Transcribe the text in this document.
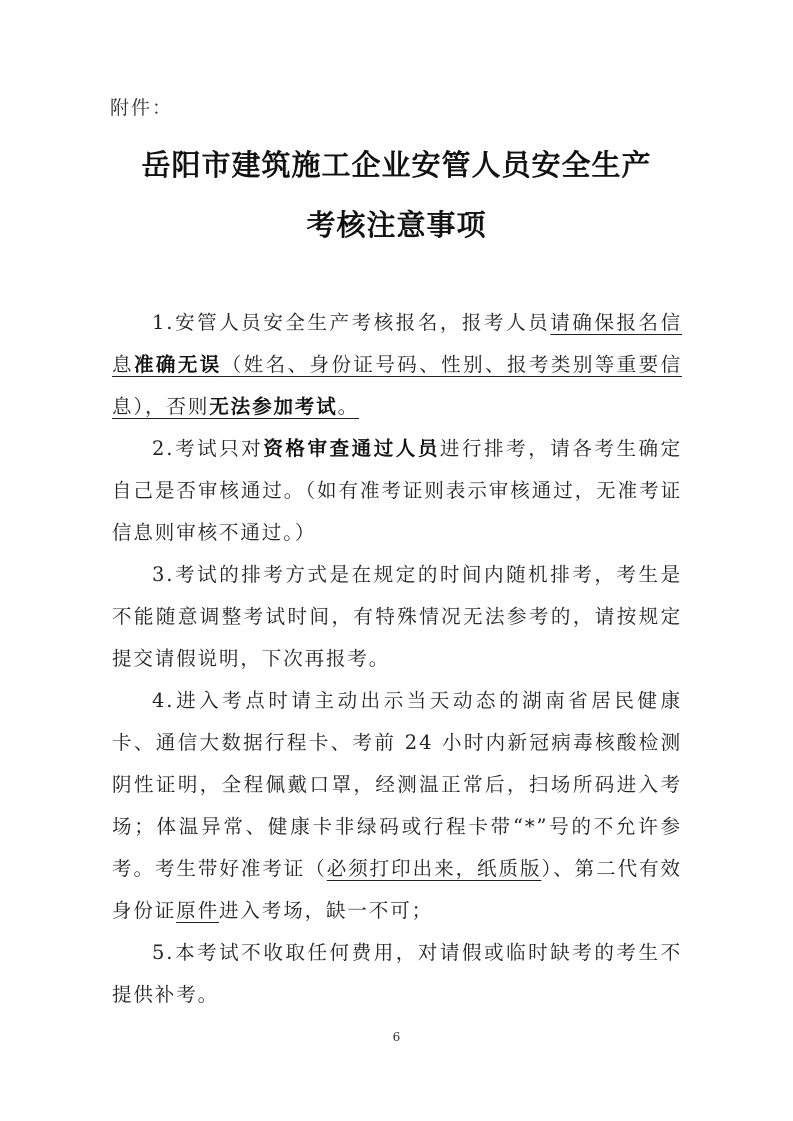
附件：
岳阳市建筑施工企业安管人员安全生产
考核注意事项

1.安管人员安全生产考核报名，报考人员请确保报名信息准确无误（姓名、身份证号码、性别、报考类别等重要信息），否则无法参加考试。

2.考试只对资格审查通过人员进行排考，请各考生确定自己是否审核通过。（如有准考证则表示审核通过，无准考证信息则审核不通过。）

3.考试的排考方式是在规定的时间内随机排考，考生是不能随意调整考试时间，有特殊情况无法参考的，请按规定提交请假说明，下次再报考。

4.进入考点时请主动出示当天动态的湖南省居民健康卡、通信大数据行程卡、考前 24 小时内新冠病毒核酸检测阴性证明，全程佩戴口罩，经测温正常后，扫场所码进入考场；体温异常、健康卡非绿码或行程卡带“*”号的不允许参考。考生带好准考证（必须打印出来，纸质版）、第二代有效身份证原件进入考场，缺一不可；

5.本考试不收取任何费用，对请假或临时缺考的考生不提供补考。

6
